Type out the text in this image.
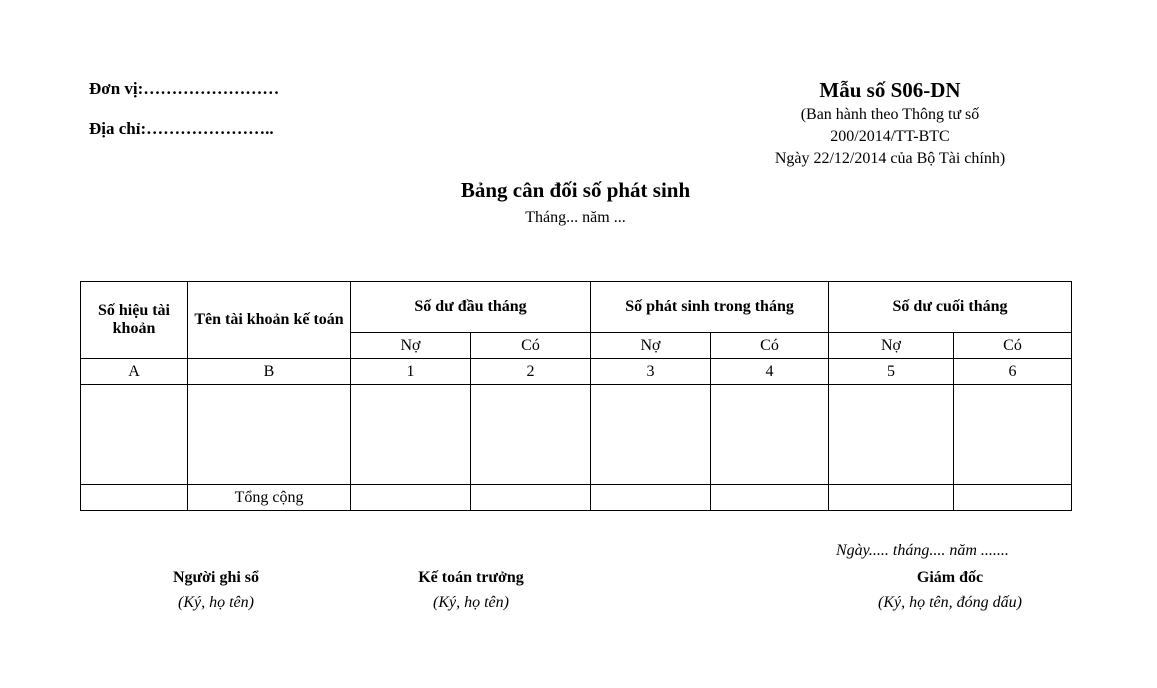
Đơn vị:……………………
Địa chỉ:…………………..
Mẫu số S06-DN
(Ban hành theo Thông tư số
200/2014/TT-BTC
Ngày 22/12/2014 của Bộ Tài chính)
Bảng cân đối số phát sinh
Tháng... năm ...
Số hiệu tài khoản	Tên tài khoản kế toán	Số dư đầu tháng		Số phát sinh trong tháng		Số dư cuối tháng	
		Nợ	Có	Nợ	Có	Nợ	Có
A	B	1	2	3	4	5	6

	Tổng cộng						
Ngày..... tháng.... năm .......
Người ghi sổ
(Ký, họ tên)
Kế toán trưởng
(Ký, họ tên)
Giám đốc
(Ký, họ tên, đóng dấu)
